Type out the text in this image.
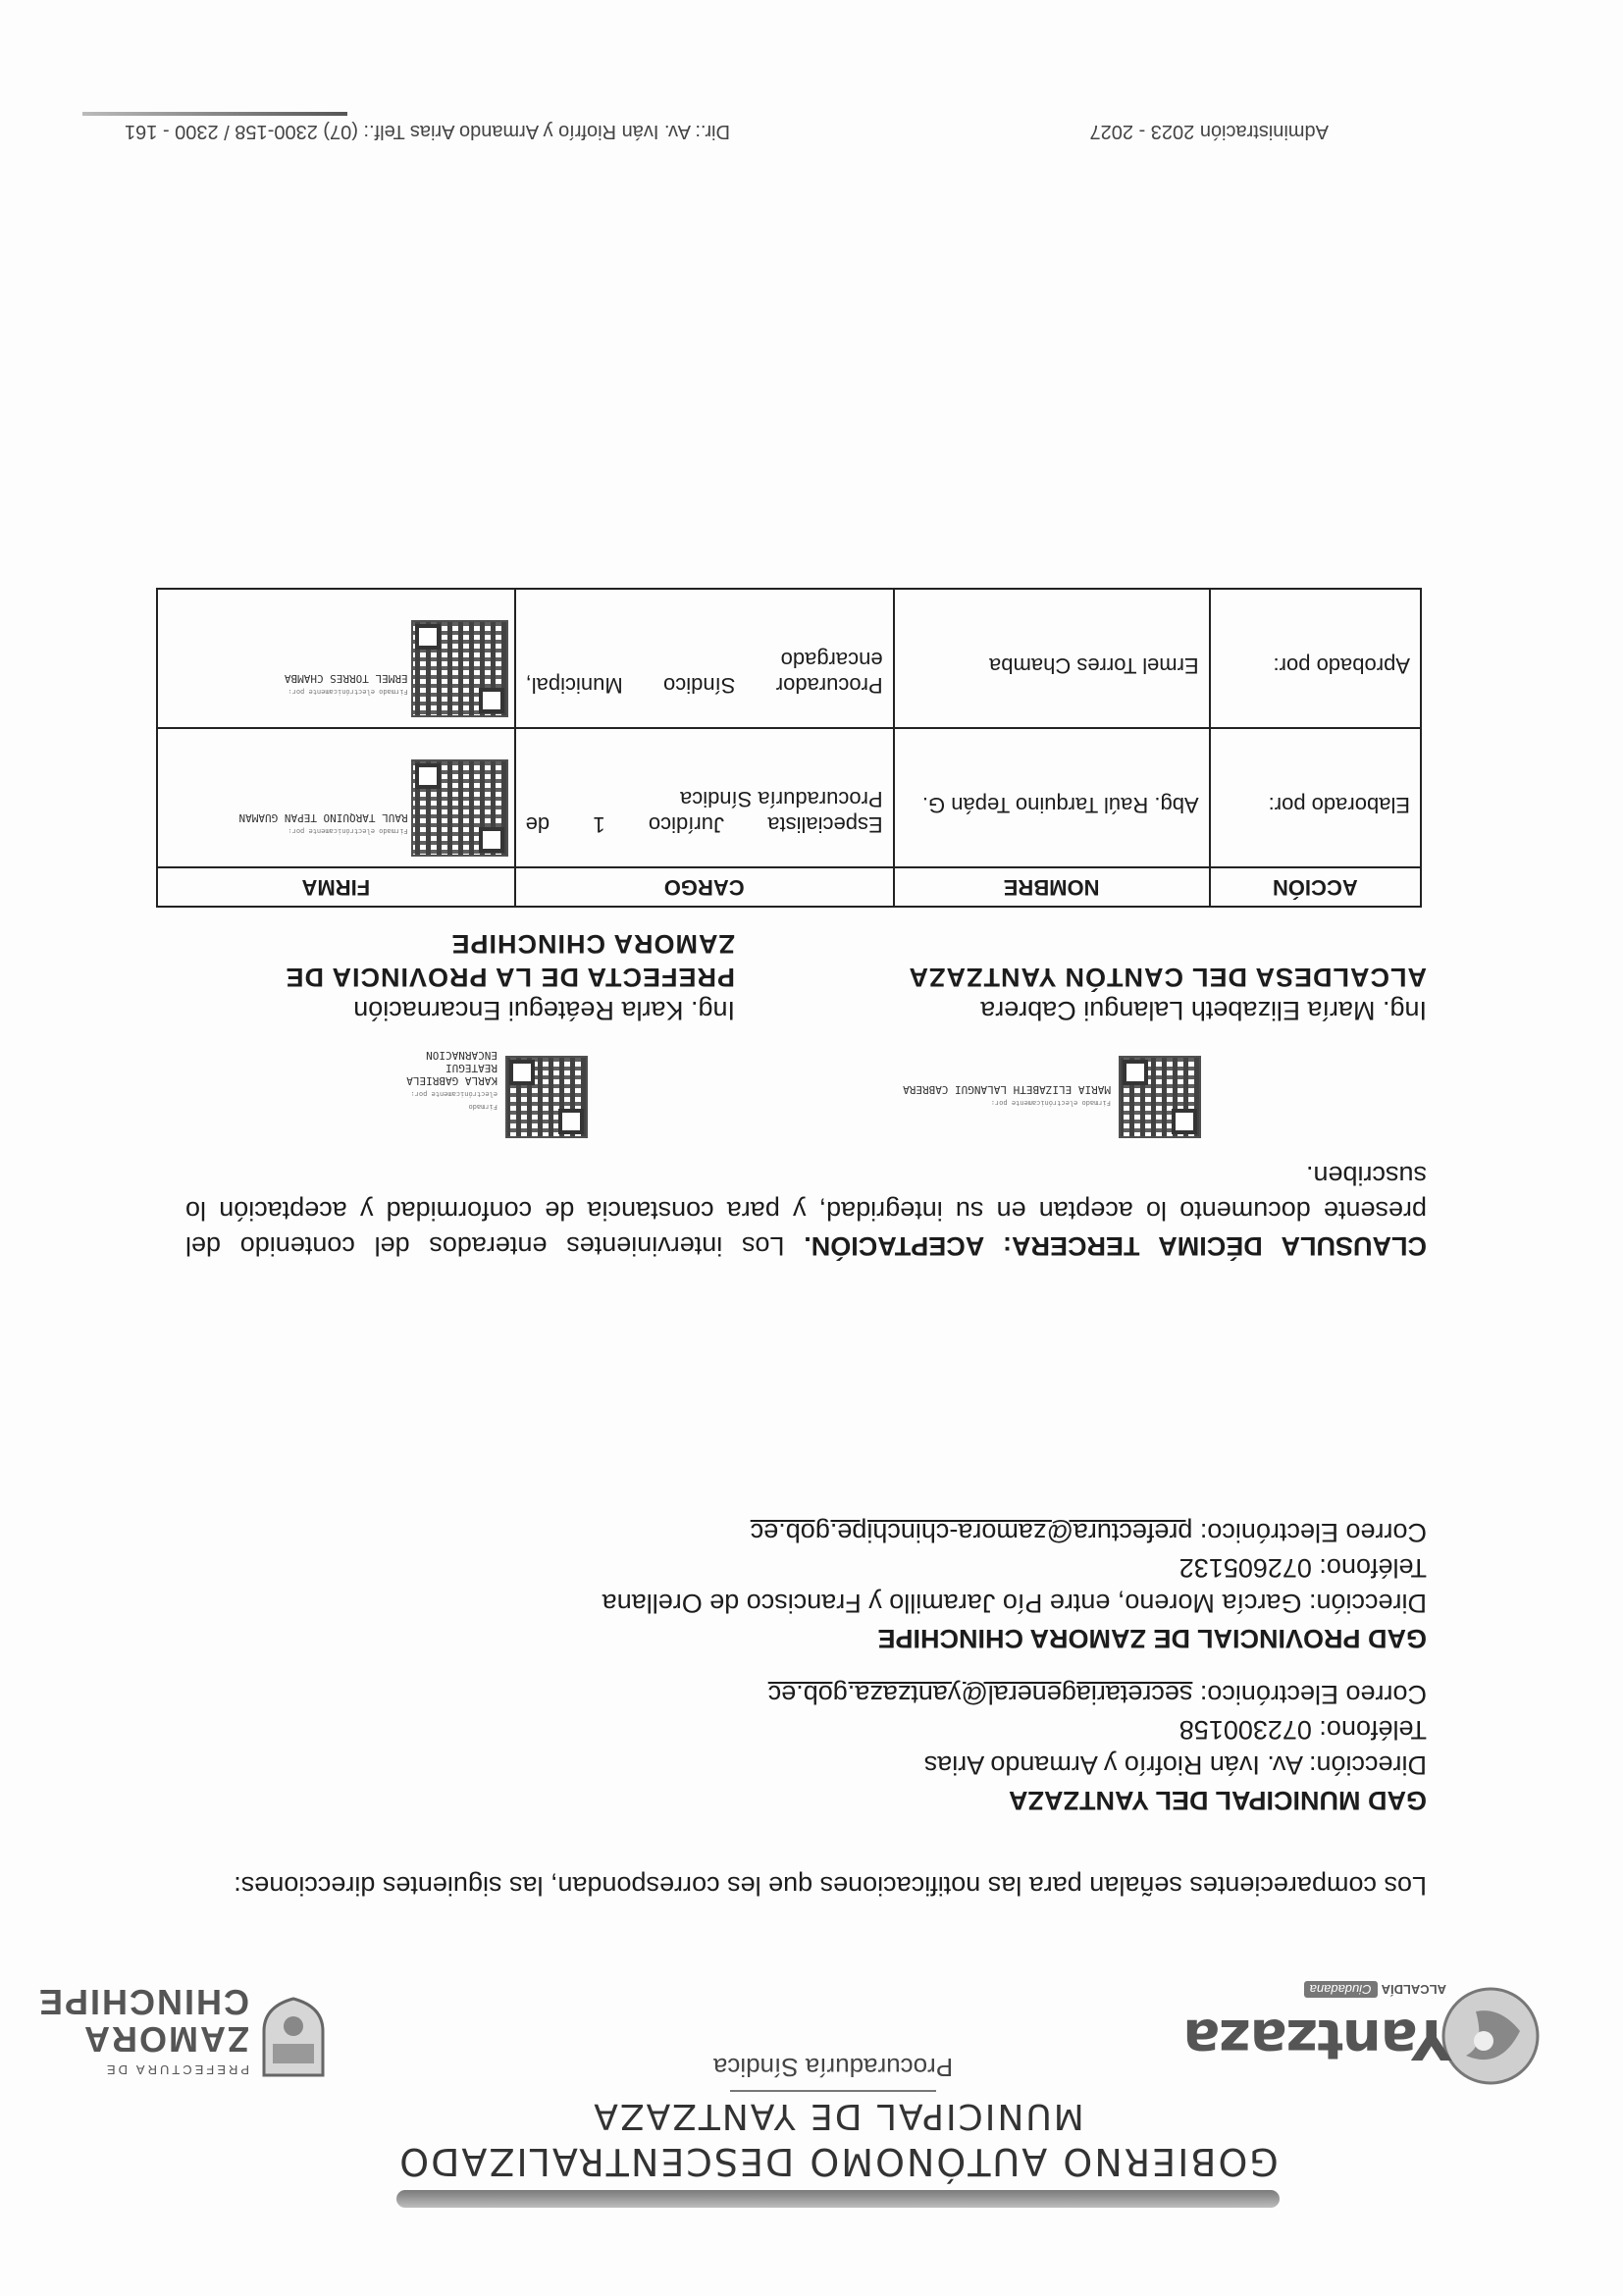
Yantzaza
ALCALDÍACiudadana
GOBIERNO AUTÓNOMO DESCENTRALIZADO
MUNICIPAL DE YANTZAZA
Procuraduría Síndica
PREFECTURA DE
ZAMORA
CHINCHIPE
Los comparecientes señalan para las notificaciones que les correspondan, las siguientes direcciones:
GAD MUNICIPAL DEL YANTZAZA
Dirección: Av. Iván Riofrío y Armando Arias
Teléfono: 072300158
Correo Electrónico: secretariageneral@yantzaza.gob.ec
GAD PROVINCIAL DE ZAMORA CHINCHIPE
Dirección: García Moreno, entre Pío Jaramillo y Francisco de Orellana
Teléfono: 072605132
Correo Electrónico: prefectura@zamora-chinchipe.gob.ec
CLAUSULA DÉCIMA TERCERA: ACEPTACIÓN. Los intervinientes enterados del contenido del presente documento lo aceptan en su integridad, y para constancia de conformidad y aceptación lo suscriben.
Firmado electrónicamente por:
MARIA ELIZABETH LALANGUI CABRERA
Firmado electrónicamente por:
KARLA GABRIELA REATEGUI ENCARNACION
Ing. María Elizabeth Lalangui Cabrera
ALCALDESA DEL CANTÓN YANTZAZA
Ing. Karla Reátegui Encarnación
PREFECTA DE LA PROVINCIA DE ZAMORA CHINCHIPE
ACCIÓN	NOMBRE	CARGO	FIRMA
Elaborado por:	Abg. Raúl Tarquino Tepán G.	Especialista Jurídico 1 de Procuraduría Síndica	Firmado electrónicamente por:
RAUL TARQUINO TEPAN GUAMAN

Aprobado por:	Ermel Torres Chamba	Procurador Síndico Municipal, encargado	Firmado electrónicamente por:
ERMEL TORRES CHAMBA
Administración 2023 - 2027
Dir.: Av. Iván Riofrío y Armando Arias Telf.: (07) 2300-158 / 2300 - 161
